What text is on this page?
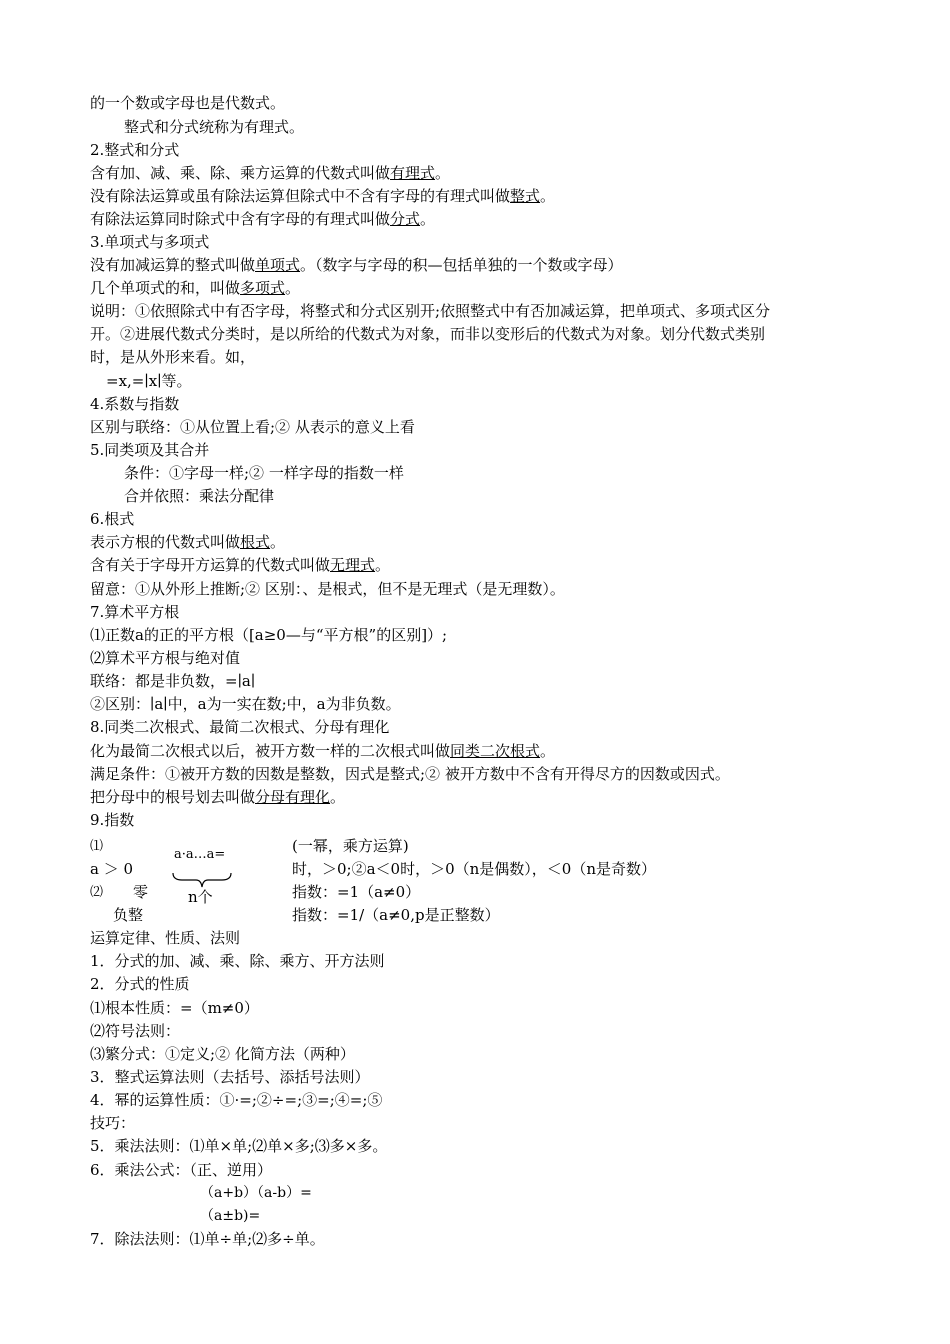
的一个数或字母也是代数式。
整式和分式统称为有理式。
2.整式和分式
含有加、减、乘、除、乘方运算的代数式叫做有理式。
没有除法运算或虽有除法运算但除式中不含有字母的有理式叫做整式。
有除法运算同时除式中含有字母的有理式叫做分式。
3.单项式与多项式
没有加减运算的整式叫做单项式。（数字与字母的积—包括单独的一个数或字母）
几个单项式的和，叫做多项式。
说明：①依照除式中有否字母，将整式和分式区别开;依照整式中有否加减运算，把单项式、多项式区分
开。②进展代数式分类时，是以所给的代数式为对象，而非以变形后的代数式为对象。划分代数式类别
时，是从外形来看。如，
=x,=∣x∣等。
4.系数与指数
区别与联络：①从位置上看;② 从表示的意义上看
5.同类项及其合并
条件：①字母一样;② 一样字母的指数一样
合并依照：乘法分配律
6.根式
表示方根的代数式叫做根式。
含有关于字母开方运算的代数式叫做无理式。
留意：①从外形上推断;② 区别：、是根式，但不是无理式（是无理数）。
7.算术平方根
⑴正数a的正的平方根（[a≥0—与“平方根”的区别]）;
⑵算术平方根与绝对值
联络：都是非负数，=∣a∣
②区别：∣a∣中，a为一实在数;中，a为非负数。
8.同类二次根式、最简二次根式、分母有理化
化为最简二次根式以后，被开方数一样的二次根式叫做同类二次根式。
满足条件：①被开方数的因数是整数，因式是整式;② 被开方数中不含有开得尽方的因数或因式。
把分母中的根号划去叫做分母有理化。
9.指数
⑴
a ＞ 0
⑵ 零
负整
a·a…a=
n个
(一幂，乘方运算)
时，＞0;②a＜0时，＞0（n是偶数），＜0（n是奇数）
指数：=1（a≠0）
指数：=1/（a≠0,p是正整数）
运算定律、性质、法则
1．分式的加、减、乘、除、乘方、开方法则
2．分式的性质
⑴根本性质：=（m≠0）
⑵符号法则：
⑶繁分式：①定义;② 化简方法（两种）
3．整式运算法则（去括号、添括号法则）
4．幂的运算性质：①·=;②÷=;③=;④=;⑤
技巧：
5．乘法法则：⑴单×单;⑵单×多;⑶多×多。
6．乘法公式：（正、逆用）
（a+b）（a-b）=
（a±b)=
7．除法法则：⑴单÷单;⑵多÷单。
